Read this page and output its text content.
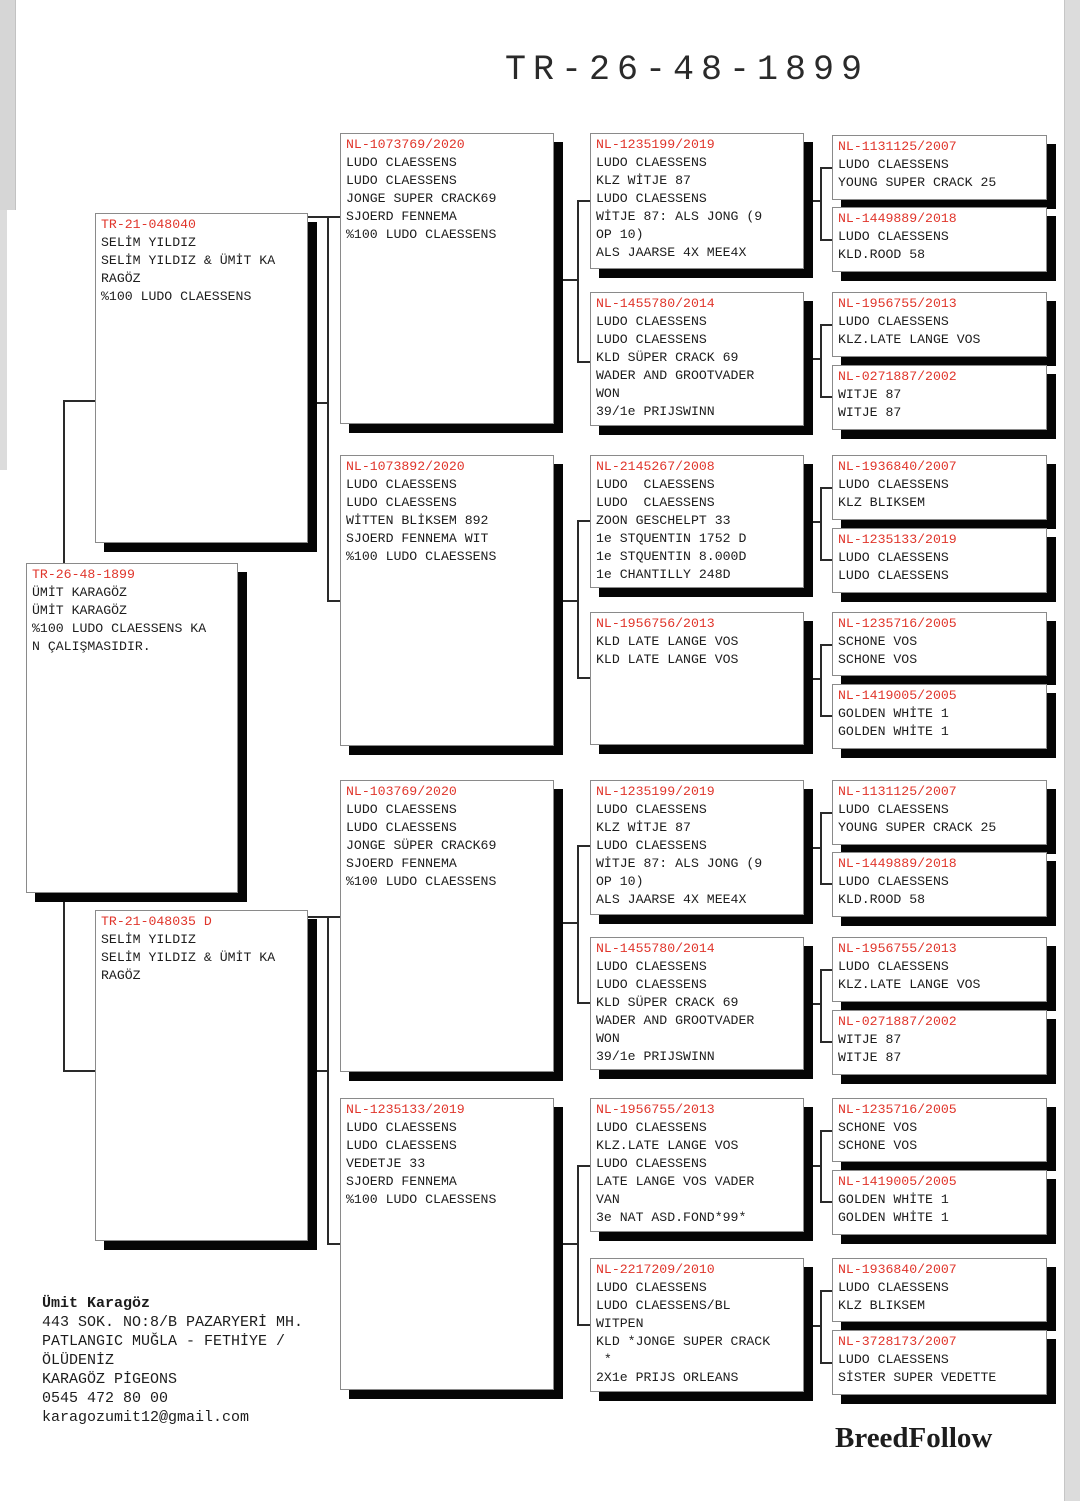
TR-26-48-1899
TR-26-48-1899
ÜMİT KARAGÖZ
ÜMİT KARAGÖZ
%100 LUDO CLAESSENS KA
N ÇALIŞMASIDIR.
TR-21-048040
SELİM YILDIZ
SELİM YILDIZ & ÜMİT KA
RAGÖZ
%100 LUDO CLAESSENS
TR-21-048035 D
SELİM YILDIZ
SELİM YILDIZ & ÜMİT KA
RAGÖZ
NL-1073769/2020
LUDO CLAESSENS
LUDO CLAESSENS
JONGE SUPER CRACK69
SJOERD FENNEMA
%100 LUDO CLAESSENS
NL-1073892/2020
LUDO CLAESSENS
LUDO CLAESSENS
WİTTEN BLİKSEM 892
SJOERD FENNEMA WIT
%100 LUDO CLAESSENS
NL-103769/2020
LUDO CLAESSENS
LUDO CLAESSENS
JONGE SÜPER CRACK69
SJOERD FENNEMA
%100 LUDO CLAESSENS
NL-1235133/2019
LUDO CLAESSENS
LUDO CLAESSENS
VEDETJE 33
SJOERD FENNEMA
%100 LUDO CLAESSENS
NL-1235199/2019
LUDO CLAESSENS
KLZ WİTJE 87
LUDO CLAESSENS
WİTJE 87: ALS JONG (9
OP 10)
ALS JAARSE 4X MEE4X
NL-1455780/2014
LUDO CLAESSENS
LUDO CLAESSENS
KLD SÜPER CRACK 69
WADER AND GROOTVADER
WON
39/1e PRIJSWINN
NL-2145267/2008
LUDO  CLAESSENS
LUDO  CLAESSENS
ZOON GESCHELPT 33
1e STQUENTIN 1752 D
1e STQUENTIN 8.000D
1e CHANTILLY 248D
NL-1956756/2013
KLD LATE LANGE VOS
KLD LATE LANGE VOS
NL-1235199/2019
LUDO CLAESSENS
KLZ WİTJE 87
LUDO CLAESSENS
WİTJE 87: ALS JONG (9
OP 10)
ALS JAARSE 4X MEE4X
NL-1455780/2014
LUDO CLAESSENS
LUDO CLAESSENS
KLD SÜPER CRACK 69
WADER AND GROOTVADER
WON
39/1e PRIJSWINN
NL-1956755/2013
LUDO CLAESSENS
KLZ.LATE LANGE VOS
LUDO CLAESSENS
LATE LANGE VOS VADER
VAN
3e NAT ASD.FOND*99*
NL-2217209/2010
LUDO CLAESSENS
LUDO CLAESSENS/BL
WITPEN
KLD *JONGE SUPER CRACK
*
2X1e PRIJS ORLEANS
NL-1131125/2007
LUDO CLAESSENS
YOUNG SUPER CRACK 25
NL-1449889/2018
LUDO CLAESSENS
KLD.ROOD 58
NL-1956755/2013
LUDO CLAESSENS
KLZ.LATE LANGE VOS
NL-0271887/2002
WITJE 87
WITJE 87
NL-1936840/2007
LUDO CLAESSENS
KLZ BLIKSEM
NL-1235133/2019
LUDO CLAESSENS
LUDO CLAESSENS
NL-1235716/2005
SCHONE VOS
SCHONE VOS
NL-1419005/2005
GOLDEN WHİTE 1
GOLDEN WHİTE 1
NL-1131125/2007
LUDO CLAESSENS
YOUNG SUPER CRACK 25
NL-1449889/2018
LUDO CLAESSENS
KLD.ROOD 58
NL-1956755/2013
LUDO CLAESSENS
KLZ.LATE LANGE VOS
NL-0271887/2002
WITJE 87
WITJE 87
NL-1235716/2005
SCHONE VOS
SCHONE VOS
NL-1419005/2005
GOLDEN WHİTE 1
GOLDEN WHİTE 1
NL-1936840/2007
LUDO CLAESSENS
KLZ BLIKSEM
NL-3728173/2007
LUDO CLAESSENS
SİSTER SUPER VEDETTE
Ümit Karagöz
443 SOK. NO:8/B PAZARYERİ MH.
PATLANGIC MUĞLA - FETHİYE /
ÖLÜDENİZ
KARAGÖZ PİGEONS
0545 472 80 00
karagozumit12@gmail.com
BreedFollow
